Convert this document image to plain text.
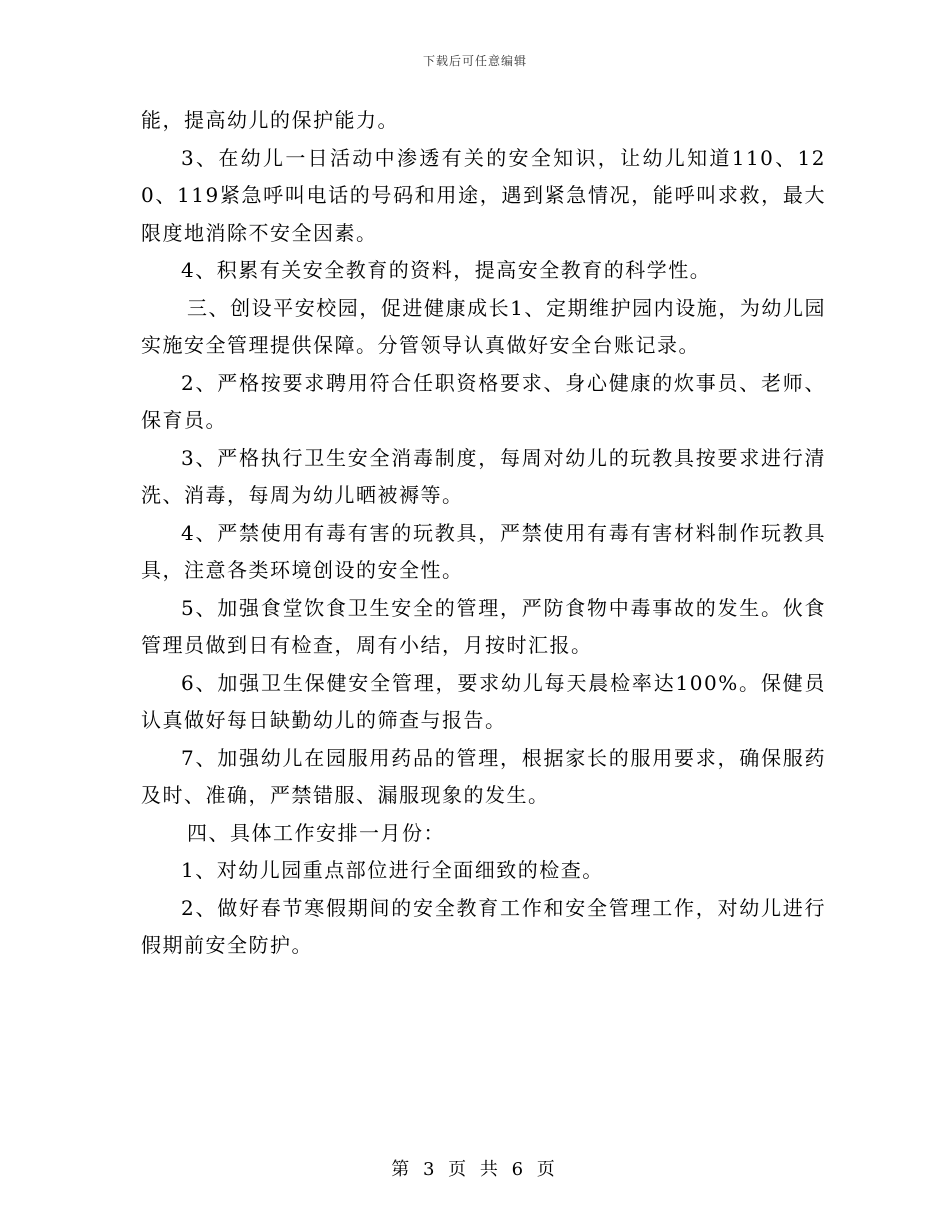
下载后可任意编辑

能，提高幼儿的保护能力。

3、在幼儿一日活动中渗透有关的安全知识，让幼儿知道110、120、119紧急呼叫电话的号码和用途，遇到紧急情况，能呼叫求救，最大限度地消除不安全因素。

4、积累有关安全教育的资料，提高安全教育的科学性。

三、创设平安校园，促进健康成长1、定期维护园内设施，为幼儿园实施安全管理提供保障。分管领导认真做好安全台账记录。

2、严格按要求聘用符合任职资格要求、身心健康的炊事员、老师、保育员。

3、严格执行卫生安全消毒制度，每周对幼儿的玩教具按要求进行清洗、消毒，每周为幼儿晒被褥等。

4、严禁使用有毒有害的玩教具，严禁使用有毒有害材料制作玩教具具，注意各类环境创设的安全性。

5、加强食堂饮食卫生安全的管理，严防食物中毒事故的发生。伙食管理员做到日有检查，周有小结，月按时汇报。

6、加强卫生保健安全管理，要求幼儿每天晨检率达100%。保健员认真做好每日缺勤幼儿的筛查与报告。

7、加强幼儿在园服用药品的管理，根据家长的服用要求，确保服药及时、准确，严禁错服、漏服现象的发生。

四、具体工作安排一月份：

1、对幼儿园重点部位进行全面细致的检查。

2、做好春节寒假期间的安全教育工作和安全管理工作，对幼儿进行假期前安全防护。

第 3 页 共 6 页
